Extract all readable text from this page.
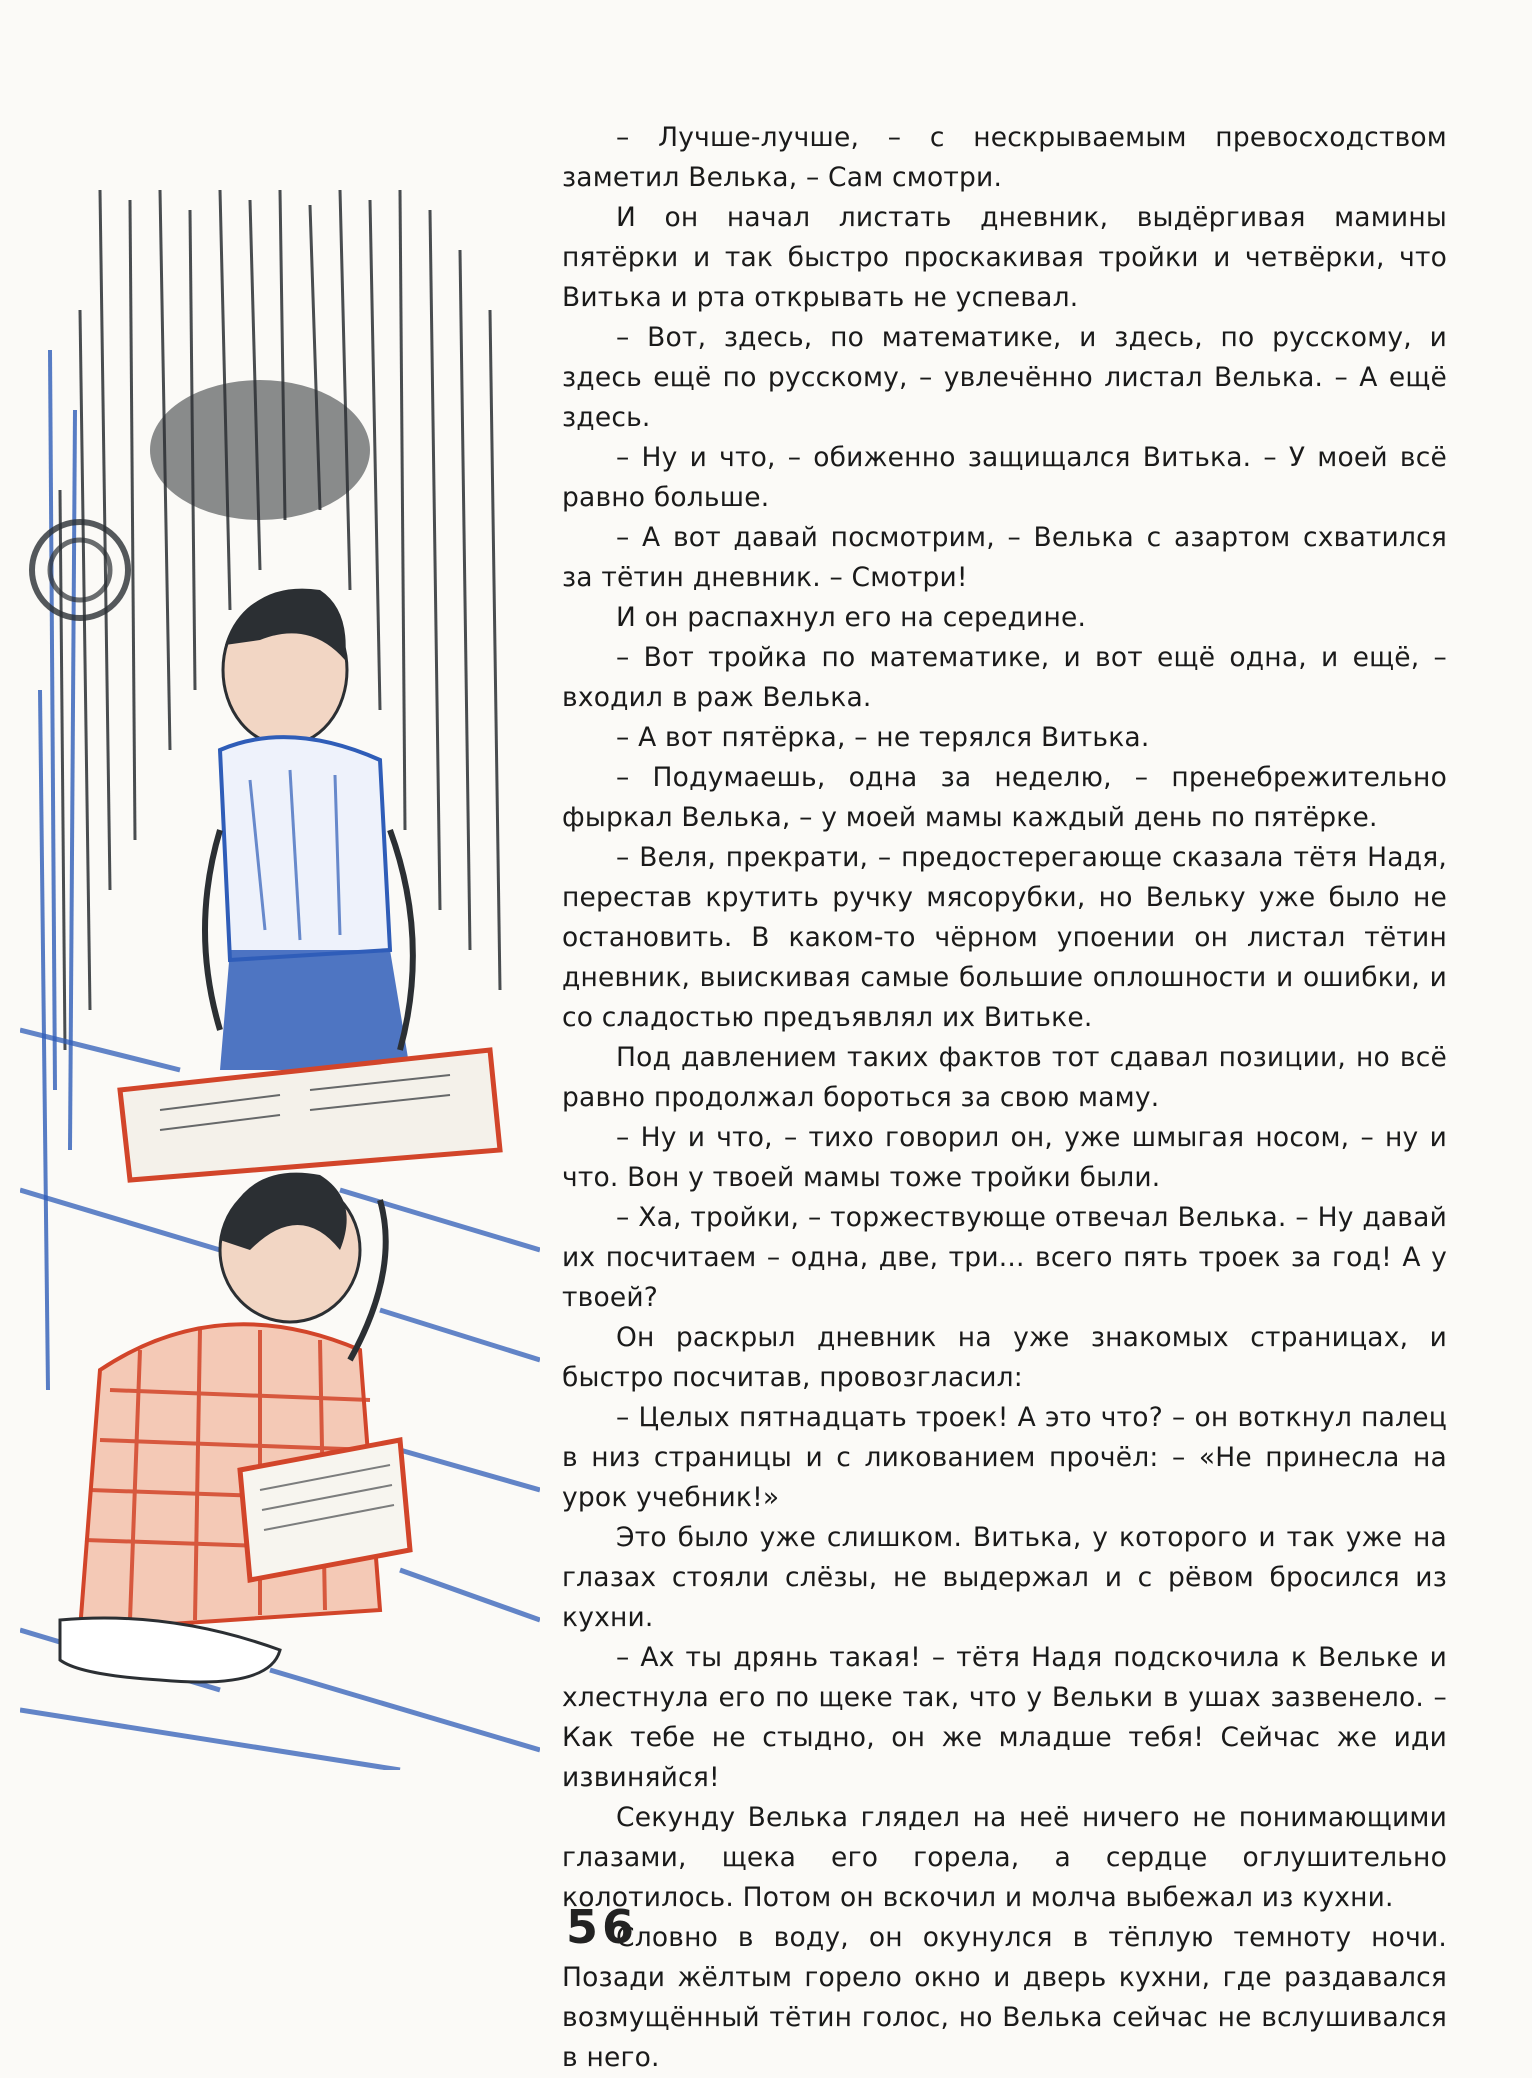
– Лучше-лучше, – с нескрываемым превосходством заметил Велька, – Сам смотри.

И он начал листать дневник, выдёргивая мамины пятёрки и так быстро проскакивая тройки и четвёрки, что Витька и рта открывать не успевал.

– Вот, здесь, по математике, и здесь, по русскому, и здесь ещё по русскому, – увлечённо листал Велька. – А ещё здесь.

– Ну и что, – обиженно защищался Витька. – У моей всё равно больше.

– А вот давай посмотрим, – Велька с азартом схватился за тётин дневник. – Смотри!

И он распахнул его на середине.

– Вот тройка по математике, и вот ещё одна, и ещё, – входил в раж Велька.

– А вот пятёрка, – не терялся Витька.

– Подумаешь, одна за неделю, – пренебрежительно фыркал Велька, – у моей мамы каждый день по пятёрке.

– Веля, прекрати, – предостерегающе сказала тётя Надя, перестав крутить ручку мясорубки, но Вельку уже было не остановить. В каком-то чёрном упоении он листал тётин дневник, выискивая самые большие оплошности и ошибки, и со сладостью предъявлял их Витьке.

Под давлением таких фактов тот сдавал позиции, но всё равно продолжал бороться за свою маму.

– Ну и что, – тихо говорил он, уже шмыгая носом, – ну и что. Вон у твоей мамы тоже тройки были.

– Ха, тройки, – торжествующе отвечал Велька. – Ну давай их посчитаем – одна, две, три... всего пять троек за год! А у твоей?

Он раскрыл дневник на уже знакомых страницах, и быстро посчитав, провозгласил:

– Целых пятнадцать троек! А это что? – он воткнул палец в низ страницы и с ликованием прочёл: – «Не принесла на урок учебник!»

Это было уже слишком. Витька, у которого и так уже на глазах стояли слёзы, не выдержал и с рёвом бросился из кухни.

– Ах ты дрянь такая! – тётя Надя подскочила к Вельке и хлестнула его по щеке так, что у Вельки в ушах зазвенело. – Как тебе не стыдно, он же младше тебя! Сейчас же иди извиняйся!

Секунду Велька глядел на неё ничего не понимающими глазами, щека его горела, а сердце оглушительно колотилось. Потом он вскочил и молча выбежал из кухни.

Словно в воду, он окунулся в тёплую темноту ночи. Позади жёлтым горело окно и дверь кухни, где раздавался возмущённый тётин голос, но Велька сейчас не вслушивался в него.

56
